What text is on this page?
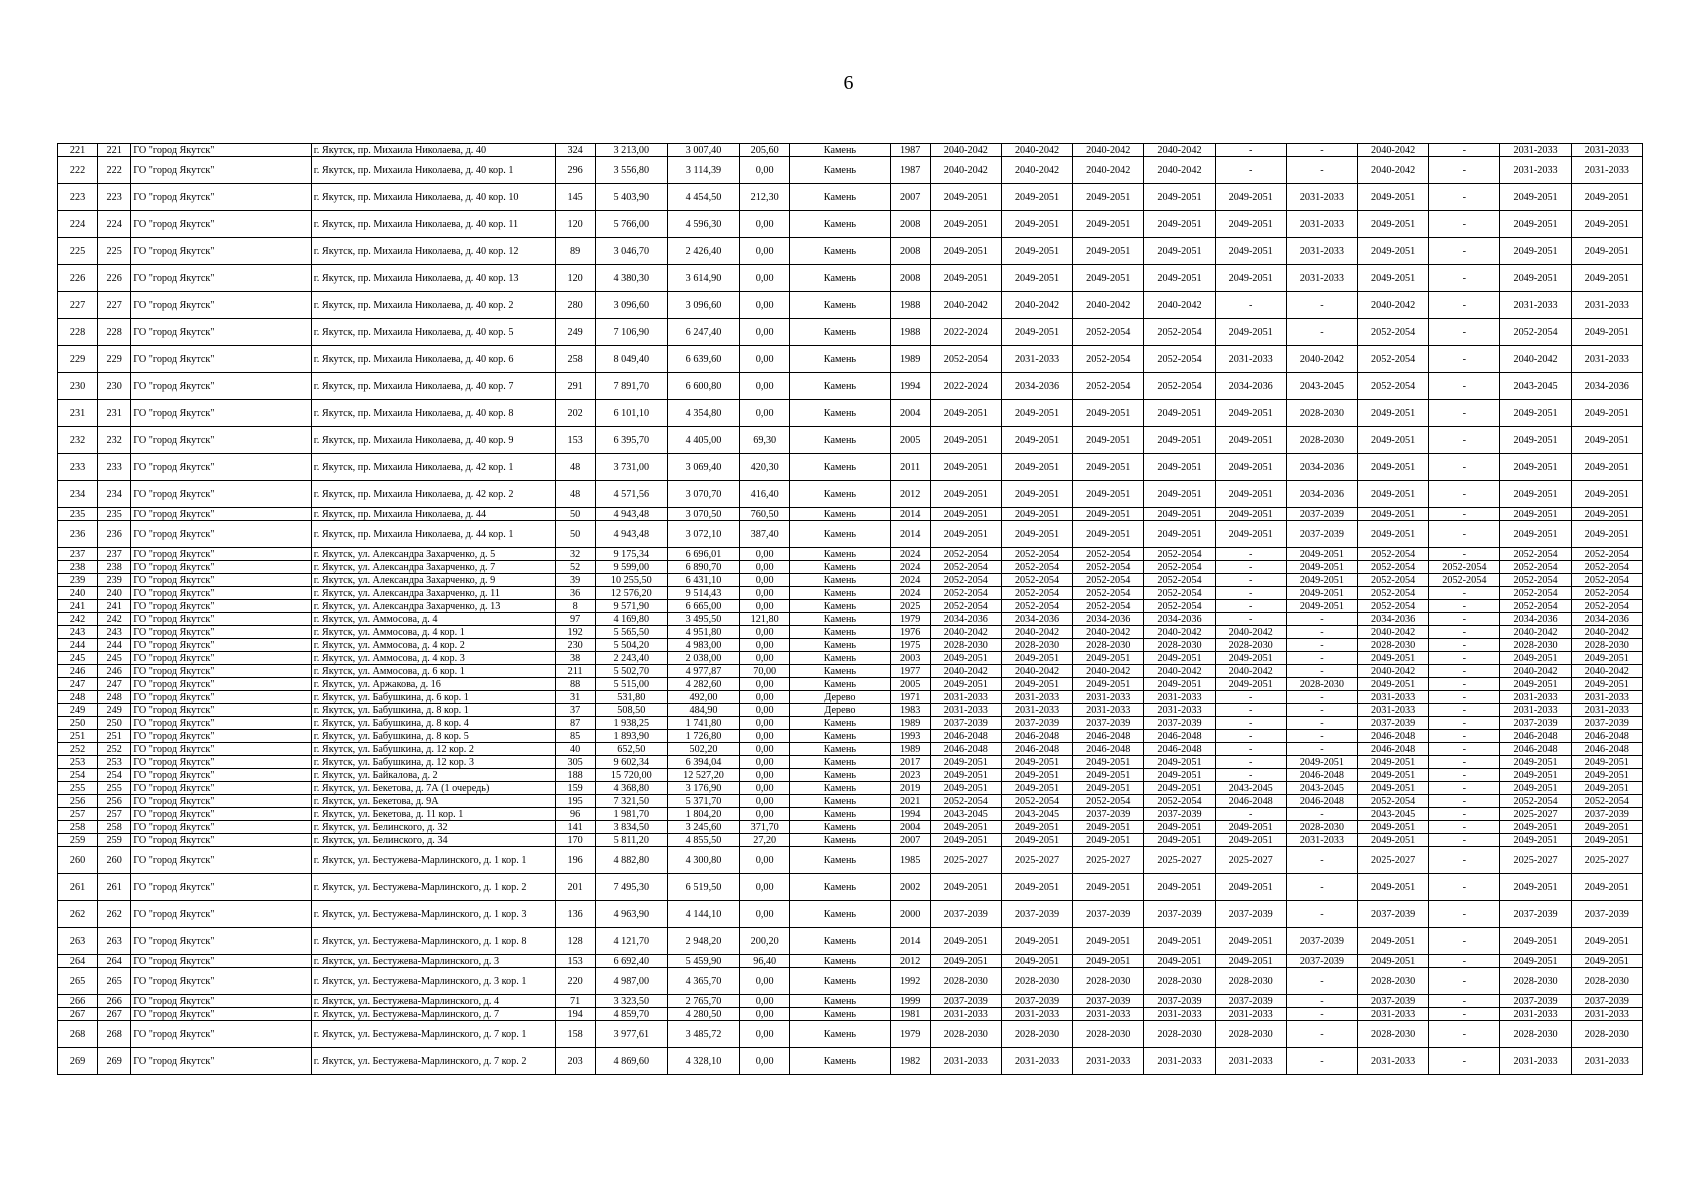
6
221	221	ГО "город Якутск"	г. Якутск, пр. Михаила Николаева, д. 40	324	3 213,00	3 007,40	205,60	Камень	1987	2040-2042	2040-2042	2040-2042	2040-2042	-	-	2040-2042	-	2031-2033	2031-2033
222	222	ГО "город Якутск"	г. Якутск, пр. Михаила Николаева, д. 40 кор. 1	296	3 556,80	3 114,39	0,00	Камень	1987	2040-2042	2040-2042	2040-2042	2040-2042	-	-	2040-2042	-	2031-2033	2031-2033
223	223	ГО "город Якутск"	г. Якутск, пр. Михаила Николаева, д. 40 кор. 10	145	5 403,90	4 454,50	212,30	Камень	2007	2049-2051	2049-2051	2049-2051	2049-2051	2049-2051	2031-2033	2049-2051	-	2049-2051	2049-2051
224	224	ГО "город Якутск"	г. Якутск, пр. Михаила Николаева, д. 40 кор. 11	120	5 766,00	4 596,30	0,00	Камень	2008	2049-2051	2049-2051	2049-2051	2049-2051	2049-2051	2031-2033	2049-2051	-	2049-2051	2049-2051
225	225	ГО "город Якутск"	г. Якутск, пр. Михаила Николаева, д. 40 кор. 12	89	3 046,70	2 426,40	0,00	Камень	2008	2049-2051	2049-2051	2049-2051	2049-2051	2049-2051	2031-2033	2049-2051	-	2049-2051	2049-2051
226	226	ГО "город Якутск"	г. Якутск, пр. Михаила Николаева, д. 40 кор. 13	120	4 380,30	3 614,90	0,00	Камень	2008	2049-2051	2049-2051	2049-2051	2049-2051	2049-2051	2031-2033	2049-2051	-	2049-2051	2049-2051
227	227	ГО "город Якутск"	г. Якутск, пр. Михаила Николаева, д. 40 кор. 2	280	3 096,60	3 096,60	0,00	Камень	1988	2040-2042	2040-2042	2040-2042	2040-2042	-	-	2040-2042	-	2031-2033	2031-2033
228	228	ГО "город Якутск"	г. Якутск, пр. Михаила Николаева, д. 40 кор. 5	249	7 106,90	6 247,40	0,00	Камень	1988	2022-2024	2049-2051	2052-2054	2052-2054	2049-2051	-	2052-2054	-	2052-2054	2049-2051
229	229	ГО "город Якутск"	г. Якутск, пр. Михаила Николаева, д. 40 кор. 6	258	8 049,40	6 639,60	0,00	Камень	1989	2052-2054	2031-2033	2052-2054	2052-2054	2031-2033	2040-2042	2052-2054	-	2040-2042	2031-2033
230	230	ГО "город Якутск"	г. Якутск, пр. Михаила Николаева, д. 40 кор. 7	291	7 891,70	6 600,80	0,00	Камень	1994	2022-2024	2034-2036	2052-2054	2052-2054	2034-2036	2043-2045	2052-2054	-	2043-2045	2034-2036
231	231	ГО "город Якутск"	г. Якутск, пр. Михаила Николаева, д. 40 кор. 8	202	6 101,10	4 354,80	0,00	Камень	2004	2049-2051	2049-2051	2049-2051	2049-2051	2049-2051	2028-2030	2049-2051	-	2049-2051	2049-2051
232	232	ГО "город Якутск"	г. Якутск, пр. Михаила Николаева, д. 40 кор. 9	153	6 395,70	4 405,00	69,30	Камень	2005	2049-2051	2049-2051	2049-2051	2049-2051	2049-2051	2028-2030	2049-2051	-	2049-2051	2049-2051
233	233	ГО "город Якутск"	г. Якутск, пр. Михаила Николаева, д. 42 кор. 1	48	3 731,00	3 069,40	420,30	Камень	2011	2049-2051	2049-2051	2049-2051	2049-2051	2049-2051	2034-2036	2049-2051	-	2049-2051	2049-2051
234	234	ГО "город Якутск"	г. Якутск, пр. Михаила Николаева, д. 42 кор. 2	48	4 571,56	3 070,70	416,40	Камень	2012	2049-2051	2049-2051	2049-2051	2049-2051	2049-2051	2034-2036	2049-2051	-	2049-2051	2049-2051
235	235	ГО "город Якутск"	г. Якутск, пр. Михаила Николаева, д. 44	50	4 943,48	3 070,50	760,50	Камень	2014	2049-2051	2049-2051	2049-2051	2049-2051	2049-2051	2037-2039	2049-2051	-	2049-2051	2049-2051
236	236	ГО "город Якутск"	г. Якутск, пр. Михаила Николаева, д. 44 кор. 1	50	4 943,48	3 072,10	387,40	Камень	2014	2049-2051	2049-2051	2049-2051	2049-2051	2049-2051	2037-2039	2049-2051	-	2049-2051	2049-2051
237	237	ГО "город Якутск"	г. Якутск, ул. Александра Захарченко, д. 5	32	9 175,34	6 696,01	0,00	Камень	2024	2052-2054	2052-2054	2052-2054	2052-2054	-	2049-2051	2052-2054	-	2052-2054	2052-2054
238	238	ГО "город Якутск"	г. Якутск, ул. Александра Захарченко, д. 7	52	9 599,00	6 890,70	0,00	Камень	2024	2052-2054	2052-2054	2052-2054	2052-2054	-	2049-2051	2052-2054	2052-2054	2052-2054	2052-2054
239	239	ГО "город Якутск"	г. Якутск, ул. Александра Захарченко, д. 9	39	10 255,50	6 431,10	0,00	Камень	2024	2052-2054	2052-2054	2052-2054	2052-2054	-	2049-2051	2052-2054	2052-2054	2052-2054	2052-2054
240	240	ГО "город Якутск"	г. Якутск, ул. Александра Захарченко, д. 11	36	12 576,20	9 514,43	0,00	Камень	2024	2052-2054	2052-2054	2052-2054	2052-2054	-	2049-2051	2052-2054	-	2052-2054	2052-2054
241	241	ГО "город Якутск"	г. Якутск, ул. Александра Захарченко, д. 13	8	9 571,90	6 665,00	0,00	Камень	2025	2052-2054	2052-2054	2052-2054	2052-2054	-	2049-2051	2052-2054	-	2052-2054	2052-2054
242	242	ГО "город Якутск"	г. Якутск, ул. Аммосова, д. 4	97	4 169,80	3 495,50	121,80	Камень	1979	2034-2036	2034-2036	2034-2036	2034-2036	-	-	2034-2036	-	2034-2036	2034-2036
243	243	ГО "город Якутск"	г. Якутск, ул. Аммосова, д. 4 кор. 1	192	5 565,50	4 951,80	0,00	Камень	1976	2040-2042	2040-2042	2040-2042	2040-2042	2040-2042	-	2040-2042	-	2040-2042	2040-2042
244	244	ГО "город Якутск"	г. Якутск, ул. Аммосова, д. 4 кор. 2	230	5 504,20	4 983,00	0,00	Камень	1975	2028-2030	2028-2030	2028-2030	2028-2030	2028-2030	-	2028-2030	-	2028-2030	2028-2030
245	245	ГО "город Якутск"	г. Якутск, ул. Аммосова, д. 4 кор. 3	38	2 243,40	2 038,00	0,00	Камень	2003	2049-2051	2049-2051	2049-2051	2049-2051	2049-2051	-	2049-2051	-	2049-2051	2049-2051
246	246	ГО "город Якутск"	г. Якутск, ул. Аммосова, д. 6 кор. 1	211	5 502,70	4 977,87	70,00	Камень	1977	2040-2042	2040-2042	2040-2042	2040-2042	2040-2042	-	2040-2042	-	2040-2042	2040-2042
247	247	ГО "город Якутск"	г. Якутск, ул. Аржакова, д. 16	88	5 515,00	4 282,60	0,00	Камень	2005	2049-2051	2049-2051	2049-2051	2049-2051	2049-2051	2028-2030	2049-2051	-	2049-2051	2049-2051
248	248	ГО "город Якутск"	г. Якутск, ул. Бабушкина, д. 6 кор. 1	31	531,80	492,00	0,00	Дерево	1971	2031-2033	2031-2033	2031-2033	2031-2033	-	-	2031-2033	-	2031-2033	2031-2033
249	249	ГО "город Якутск"	г. Якутск, ул. Бабушкина, д. 8 кор. 1	37	508,50	484,90	0,00	Дерево	1983	2031-2033	2031-2033	2031-2033	2031-2033	-	-	2031-2033	-	2031-2033	2031-2033
250	250	ГО "город Якутск"	г. Якутск, ул. Бабушкина, д. 8 кор. 4	87	1 938,25	1 741,80	0,00	Камень	1989	2037-2039	2037-2039	2037-2039	2037-2039	-	-	2037-2039	-	2037-2039	2037-2039
251	251	ГО "город Якутск"	г. Якутск, ул. Бабушкина, д. 8 кор. 5	85	1 893,90	1 726,80	0,00	Камень	1993	2046-2048	2046-2048	2046-2048	2046-2048	-	-	2046-2048	-	2046-2048	2046-2048
252	252	ГО "город Якутск"	г. Якутск, ул. Бабушкина, д. 12 кор. 2	40	652,50	502,20	0,00	Камень	1989	2046-2048	2046-2048	2046-2048	2046-2048	-	-	2046-2048	-	2046-2048	2046-2048
253	253	ГО "город Якутск"	г. Якутск, ул. Бабушкина, д. 12 кор. 3	305	9 602,34	6 394,04	0,00	Камень	2017	2049-2051	2049-2051	2049-2051	2049-2051	-	2049-2051	2049-2051	-	2049-2051	2049-2051
254	254	ГО "город Якутск"	г. Якутск, ул. Байкалова, д. 2	188	15 720,00	12 527,20	0,00	Камень	2023	2049-2051	2049-2051	2049-2051	2049-2051	-	2046-2048	2049-2051	-	2049-2051	2049-2051
255	255	ГО "город Якутск"	г. Якутск, ул. Бекетова, д. 7А (1 очередь)	159	4 368,80	3 176,90	0,00	Камень	2019	2049-2051	2049-2051	2049-2051	2049-2051	2043-2045	2043-2045	2049-2051	-	2049-2051	2049-2051
256	256	ГО "город Якутск"	г. Якутск, ул. Бекетова, д. 9А	195	7 321,50	5 371,70	0,00	Камень	2021	2052-2054	2052-2054	2052-2054	2052-2054	2046-2048	2046-2048	2052-2054	-	2052-2054	2052-2054
257	257	ГО "город Якутск"	г. Якутск, ул. Бекетова, д. 11 кор. 1	96	1 981,70	1 804,20	0,00	Камень	1994	2043-2045	2043-2045	2037-2039	2037-2039	-	-	2043-2045	-	2025-2027	2037-2039
258	258	ГО "город Якутск"	г. Якутск, ул. Белинского, д. 32	141	3 834,50	3 245,60	371,70	Камень	2004	2049-2051	2049-2051	2049-2051	2049-2051	2049-2051	2028-2030	2049-2051	-	2049-2051	2049-2051
259	259	ГО "город Якутск"	г. Якутск, ул. Белинского, д. 34	170	5 811,20	4 855,50	27,20	Камень	2007	2049-2051	2049-2051	2049-2051	2049-2051	2049-2051	2031-2033	2049-2051	-	2049-2051	2049-2051
260	260	ГО "город Якутск"	г. Якутск, ул. Бестужева-Марлинского, д. 1 кор. 1	196	4 882,80	4 300,80	0,00	Камень	1985	2025-2027	2025-2027	2025-2027	2025-2027	2025-2027	-	2025-2027	-	2025-2027	2025-2027
261	261	ГО "город Якутск"	г. Якутск, ул. Бестужева-Марлинского, д. 1 кор. 2	201	7 495,30	6 519,50	0,00	Камень	2002	2049-2051	2049-2051	2049-2051	2049-2051	2049-2051	-	2049-2051	-	2049-2051	2049-2051
262	262	ГО "город Якутск"	г. Якутск, ул. Бестужева-Марлинского, д. 1 кор. 3	136	4 963,90	4 144,10	0,00	Камень	2000	2037-2039	2037-2039	2037-2039	2037-2039	2037-2039	-	2037-2039	-	2037-2039	2037-2039
263	263	ГО "город Якутск"	г. Якутск, ул. Бестужева-Марлинского, д. 1 кор. 8	128	4 121,70	2 948,20	200,20	Камень	2014	2049-2051	2049-2051	2049-2051	2049-2051	2049-2051	2037-2039	2049-2051	-	2049-2051	2049-2051
264	264	ГО "город Якутск"	г. Якутск, ул. Бестужева-Марлинского, д. 3	153	6 692,40	5 459,90	96,40	Камень	2012	2049-2051	2049-2051	2049-2051	2049-2051	2049-2051	2037-2039	2049-2051	-	2049-2051	2049-2051
265	265	ГО "город Якутск"	г. Якутск, ул. Бестужева-Марлинского, д. 3 кор. 1	220	4 987,00	4 365,70	0,00	Камень	1992	2028-2030	2028-2030	2028-2030	2028-2030	2028-2030	-	2028-2030	-	2028-2030	2028-2030
266	266	ГО "город Якутск"	г. Якутск, ул. Бестужева-Марлинского, д. 4	71	3 323,50	2 765,70	0,00	Камень	1999	2037-2039	2037-2039	2037-2039	2037-2039	2037-2039	-	2037-2039	-	2037-2039	2037-2039
267	267	ГО "город Якутск"	г. Якутск, ул. Бестужева-Марлинского, д. 7	194	4 859,70	4 280,50	0,00	Камень	1981	2031-2033	2031-2033	2031-2033	2031-2033	2031-2033	-	2031-2033	-	2031-2033	2031-2033
268	268	ГО "город Якутск"	г. Якутск, ул. Бестужева-Марлинского, д. 7 кор. 1	158	3 977,61	3 485,72	0,00	Камень	1979	2028-2030	2028-2030	2028-2030	2028-2030	2028-2030	-	2028-2030	-	2028-2030	2028-2030
269	269	ГО "город Якутск"	г. Якутск, ул. Бестужева-Марлинского, д. 7 кор. 2	203	4 869,60	4 328,10	0,00	Камень	1982	2031-2033	2031-2033	2031-2033	2031-2033	2031-2033	-	2031-2033	-	2031-2033	2031-2033
